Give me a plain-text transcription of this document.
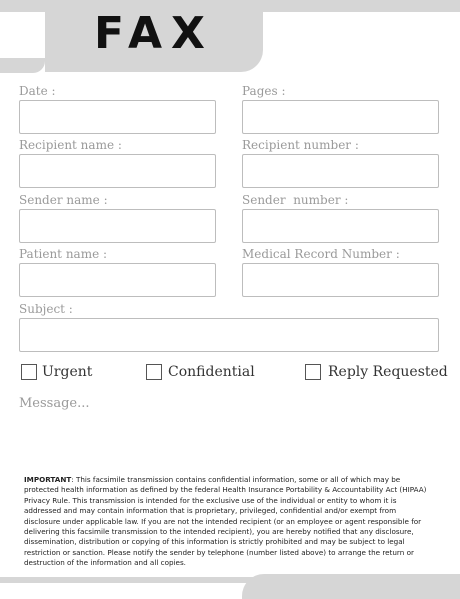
FAX
Date :	Pages :
Recipient name :	Recipient number :
Sender name :	Sender  number :
Patient name :	Medical Record Number :
Subject :
Urgent	Confidential	Reply Requested
Message...
IMPORTANT: This facsimile transmission contains confidential information, some or all of which may be protected health information as defined by the federal Health Insurance Portability & Accountability Act (HIPAA) Privacy Rule. This transmission is intended for the exclusive use of the individual or entity to whom it is addressed and may contain information that is proprietary, privileged, confidential and/or exempt from disclosure under applicable law. If you are not the intended recipient (or an employee or agent responsible for delivering this facsimile transmission to the intended recipient), you are hereby notified that any disclosure, dissemination, distribution or copying of this information is strictly prohibited and may be subject to legal restriction or sanction. Please notify the sender by telephone (number listed above) to arrange the return or destruction of the information and all copies.
